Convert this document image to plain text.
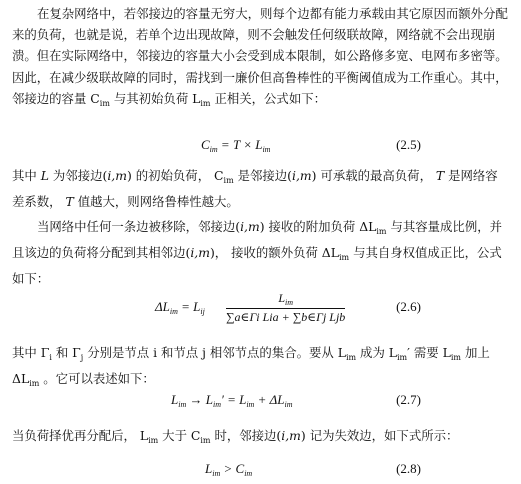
在复杂网络中，若邻接边的容量无穷大，则每个边都有能力承载由其它原因而额外分配来的负荷，也就是说，若单个边出现故障，则不会触发任何级联故障，网络就不会出现崩溃。但在实际网络中，邻接边的容量大小会受到成本限制，如公路修多宽、电网布多密等。因此，在减少级联故障的同时，需找到一廉价但高鲁棒性的平衡阈值成为工作重心。其中，邻接边的容量 $C_{im}$ 与其初始负荷 $L_{im}$ 正相关，公式如下：

$C_{im} = T \times L_{im}$	(2.5)

其中 L 为邻接边(i,m) 的初始负荷， $C_{im}$ 是邻接边(i,m) 可承载的最高负荷， T 是网络容差系数， T 值越大，则网络鲁棒性越大。

当网络中任何一条边被移除，邻接边(i,m) 接收的附加负荷 $\Delta L_{im}$ 与其容量成比例，并且该边的负荷将分配到其相邻边(i,m)， 接收的额外负荷 $\Delta L_{im}$ 与其自身权值成正比，公式如下：

$\Delta L_{im} = L_{ij}$
$L_{im}$
∑a∈Γi Lia + ∑b∈Γj Ljb
(2.6)

其中 $\Gamma_i$ 和 $\Gamma_j$ 分别是节点 i 和节点 j 相邻节点的集合。要从 $L_{im}$ 成为 $L_{im}'$ 需要 $L_{im}$ 加上 $\Delta L_{im}$ 。它可以表述如下：

$L_{im} \to L_{im}' = L_{im} + \Delta L_{im}$	(2.7)

当负荷择优再分配后， $L_{im}$ 大于 $C_{im}$ 时，邻接边(i,m) 记为失效边，如下式所示：

$L_{im} > C_{im}$	(2.8)
